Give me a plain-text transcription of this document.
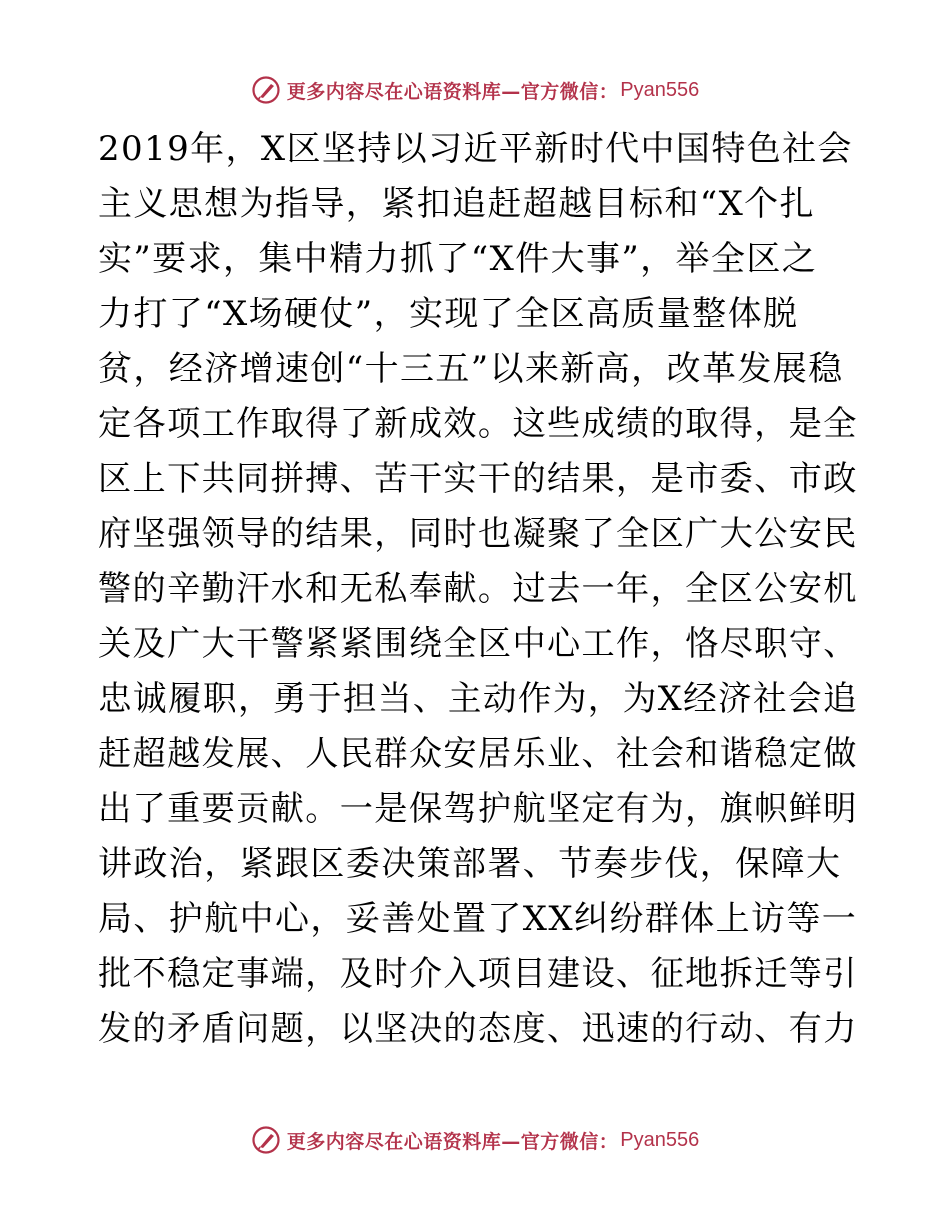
更多内容尽在心语资料库—官方微信： Pyan556
2019年，X区坚持以习近平新时代中国特色社会
主义思想为指导，紧扣追赶超越目标和“X个扎
实”要求，集中精力抓了“X件大事”，举全区之
力打了“X场硬仗”，实现了全区高质量整体脱
贫，经济增速创“十三五”以来新高，改革发展稳
定各项工作取得了新成效。这些成绩的取得，是全
区上下共同拼搏、苦干实干的结果，是市委、市政
府坚强领导的结果，同时也凝聚了全区广大公安民
警的辛勤汗水和无私奉献。过去一年，全区公安机
关及广大干警紧紧围绕全区中心工作，恪尽职守、
忠诚履职，勇于担当、主动作为，为X经济社会追
赶超越发展、人民群众安居乐业、社会和谐稳定做
出了重要贡献。一是保驾护航坚定有为，旗帜鲜明
讲政治，紧跟区委决策部署、节奏步伐，保障大
局、护航中心，妥善处置了XX纠纷群体上访等一
批不稳定事端，及时介入项目建设、征地拆迁等引
发的矛盾问题，以坚决的态度、迅速的行动、有力
更多内容尽在心语资料库—官方微信： Pyan556
